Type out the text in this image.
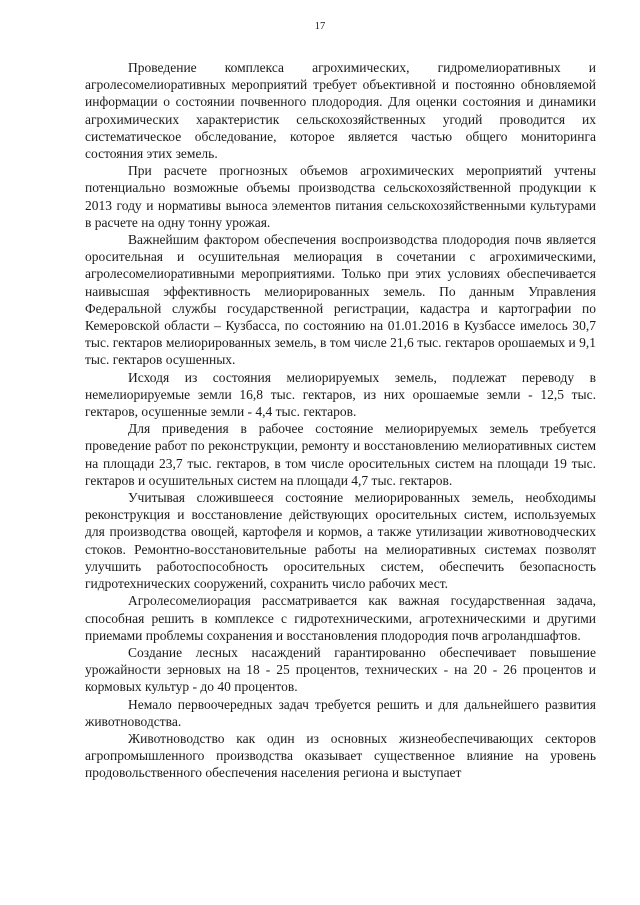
17

Проведение комплекса агрохимических, гидромелиоративных и агролесомелиоративных мероприятий требует объективной и постоянно обновляемой информации о состоянии почвенного плодородия. Для оценки состояния и динамики агрохимических характеристик сельскохозяйственных угодий проводится их систематическое обследование, которое является частью общего мониторинга состояния этих земель.

При расчете прогнозных объемов агрохимических мероприятий учтены потенциально возможные объемы производства сельскохозяйственной продукции к 2013 году и нормативы выноса элементов питания сельскохозяйственными культурами в расчете на одну тонну урожая.

Важнейшим фактором обеспечения воспроизводства плодородия почв является оросительная и осушительная мелиорация в сочетании с агрохимическими, агролесомелиоративными мероприятиями. Только при этих условиях обеспечивается наивысшая эффективность мелиорированных земель. По данным Управления Федеральной службы государственной регистрации, кадастра и картографии по Кемеровской области – Кузбасса, по состоянию на 01.01.2016 в Кузбассе имелось 30,7 тыс. гектаров мелиорированных земель, в том числе 21,6 тыс. гектаров орошаемых и 9,1 тыс. гектаров осушенных.

Исходя из состояния мелиорируемых земель, подлежат переводу в немелиорируемые земли 16,8 тыс. гектаров, из них орошаемые земли - 12,5 тыс. гектаров, осушенные земли - 4,4 тыс. гектаров.

Для приведения в рабочее состояние мелиорируемых земель требуется проведение работ по реконструкции, ремонту и восстановлению мелиоративных систем на площади 23,7 тыс. гектаров, в том числе оросительных систем на площади 19 тыс. гектаров и осушительных систем на площади 4,7 тыс. гектаров.

Учитывая сложившееся состояние мелиорированных земель, необходимы реконструкция и восстановление действующих оросительных систем, используемых для производства овощей, картофеля и кормов, а также утилизации животноводческих стоков. Ремонтно-восстановительные работы на мелиоративных системах позволят улучшить работоспособность оросительных систем, обеспечить безопасность гидротехнических сооружений, сохранить число рабочих мест.

Агролесомелиорация рассматривается как важная государственная задача, способная решить в комплексе с гидротехническими, агротехническими и другими приемами проблемы сохранения и восстановления плодородия почв агроландшафтов.

Создание лесных насаждений гарантированно обеспечивает повышение урожайности зерновых на 18 - 25 процентов, технических - на 20 - 26 процентов и кормовых культур - до 40 процентов.

Немало первоочередных задач требуется решить и для дальнейшего развития животноводства.

Животноводство как один из основных жизнеобеспечивающих секторов агропромышленного производства оказывает существенное влияние на уровень продовольственного обеспечения населения региона и выступает
